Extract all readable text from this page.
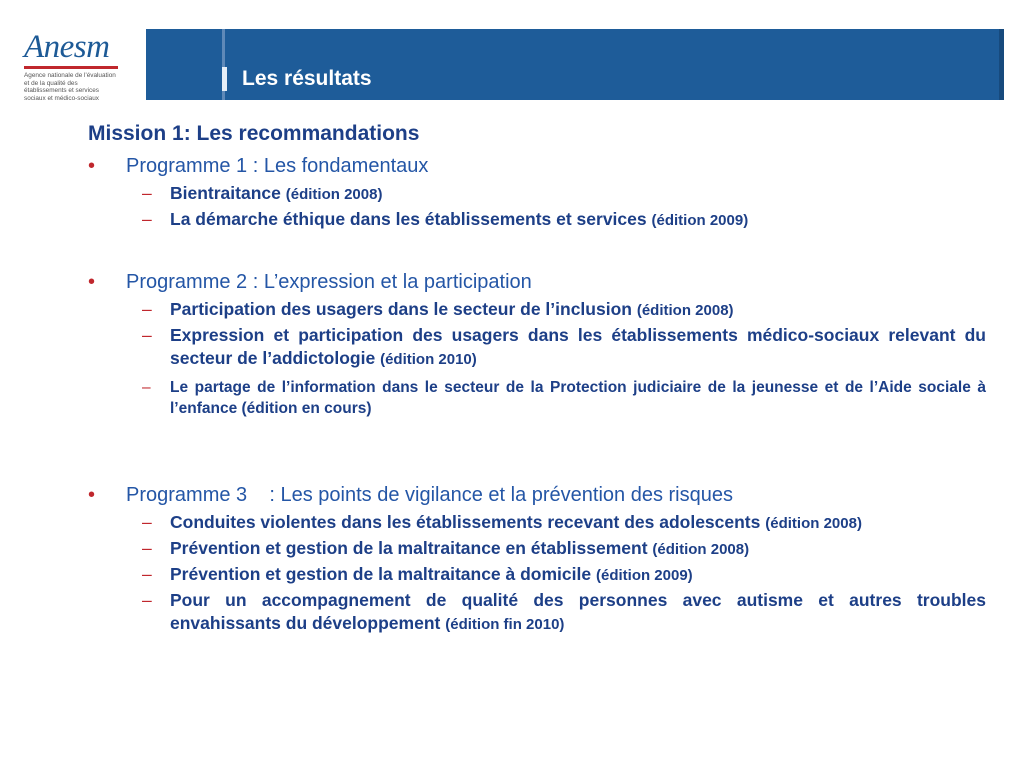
Anesm
Agence nationale de l'évaluation et de la qualité des établissements et services sociaux et médico-sociaux
Les résultats
Mission 1: Les recommandations
• Programme 1 : Les fondamentaux
– Bientraitance (édition 2008)
– La démarche éthique dans les établissements et services (édition 2009)
• Programme 2 : L’expression et la participation
– Participation des usagers dans le secteur de l’inclusion (édition 2008)
– Expression et participation des usagers dans les établissements médico-sociaux relevant du secteur de l’addictologie (édition 2010)
– Le partage de l’information dans le secteur de la Protection judiciaire de la jeunesse et de l’Aide sociale à l’enfance (édition en cours)
• Programme 3    : Les points de vigilance et la prévention des risques
– Conduites violentes dans les établissements recevant des adolescents (édition 2008)
– Prévention et gestion de la maltraitance en établissement (édition 2008)
– Prévention et gestion de la maltraitance à domicile (édition 2009)
– Pour un accompagnement de qualité des personnes avec autisme et autres troubles envahissants du développement (édition fin 2010)
